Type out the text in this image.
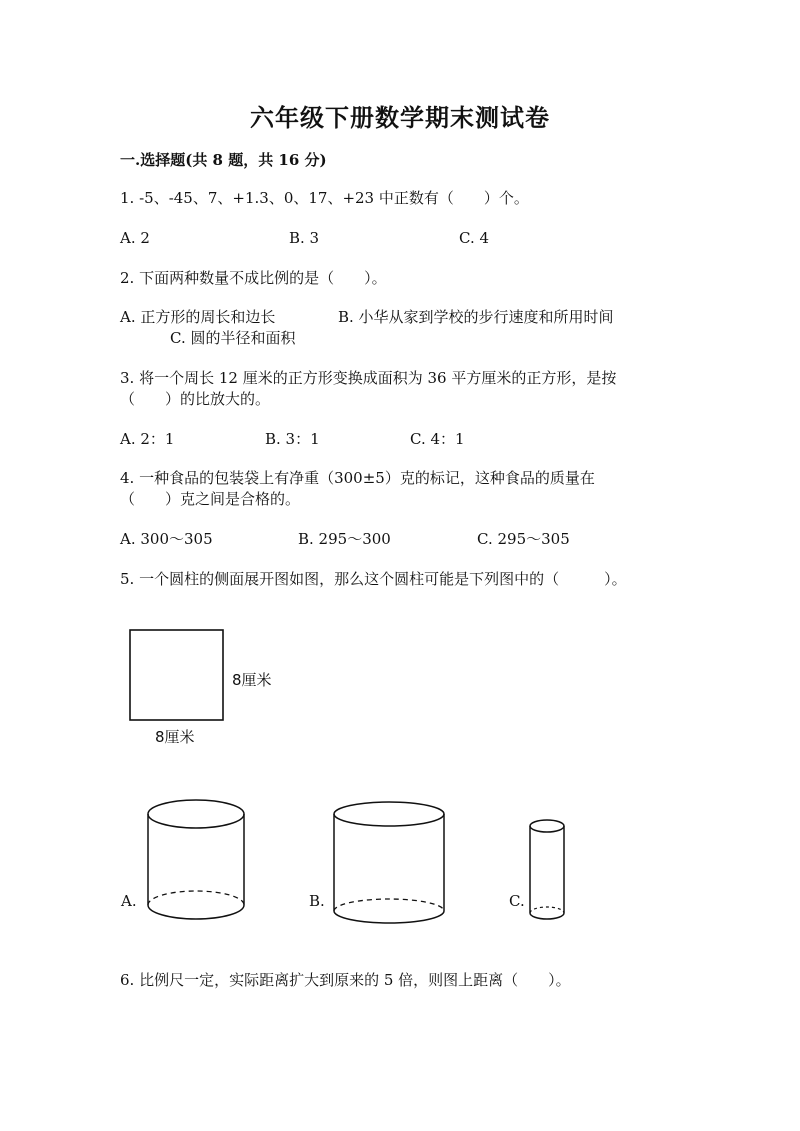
六年级下册数学期末测试卷
一.选择题(共 8 题，共 16 分)
1. -5、-45、7、+1.3、0、17、+23 中正数有（　　）个。
A. 2	B. 3	C. 4
2. 下面两种数量不成比例的是（　　）。
A. 正方形的周长和边长	B. 小华从家到学校的步行速度和所用时间
C. 圆的半径和面积
3. 将一个周长 12 厘米的正方形变换成面积为 36 平方厘米的正方形，是按
（　　）的比放大的。
A. 2：1	B. 3：1	C. 4：1
4. 一种食品的包装袋上有净重（300±5）克的标记，这种食品的质量在
（　　）克之间是合格的。
A. 300～305	B. 295～300	C. 295～305
5. 一个圆柱的侧面展开图如图，那么这个圆柱可能是下列图中的（　　　）。
8厘米
8厘米
A.	B.	C.
6. 比例尺一定，实际距离扩大到原来的 5 倍，则图上距离（　　）。
